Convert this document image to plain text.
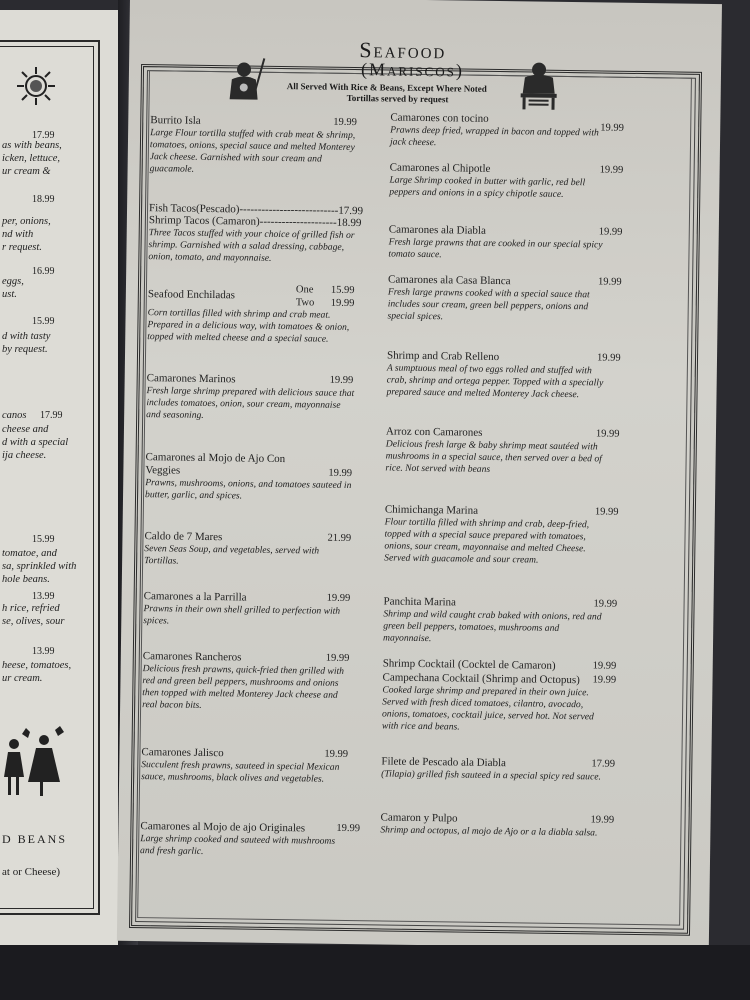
17.99
as with beans,
icken, lettuce,
ur cream &
18.99
per, onions,
nd with
r request.
16.99
eggs,
ust.
15.99
d with tasty
by request.
canos 17.99
cheese and
d with a special
ija cheese.
15.99
tomatoe, and
sa, sprinkled with
hole beans.
13.99
h rice, refried
se, olives, sour
13.99
heese, tomatoes,
ur cream.
D BEANS
at or Cheese)
Seafood
(Mariscos)
All Served With Rice & Beans, Except Where Noted
Tortillas served by request
Burrito Isla	19.99
Large Flour tortilla stuffed with crab meat & shrimp, tomatoes, onions, special sauce and melted Monterey Jack cheese. Garnished with sour cream and guacamole.
Fish Tacos(Pescado)---------------------------17.99
Shrimp Tacos (Camaron)---------------------18.99
Three Tacos stuffed with your choice of grilled fish or shrimp. Garnished with a salad dressing, cabbage, onion, tomato, and mayonnaise.
Seafood Enchiladas
Corn tortillas filled with shrimp and crab meat. Prepared in a delicious way, with tomatoes & onion, topped with melted cheese and a special sauce.
One 15.99
Two 19.99
Camarones Marinos	19.99
Fresh large shrimp prepared with delicious sauce that includes tomatoes, onion, sour cream, mayonnaise and seasoning.
Camarones al Mojo de Ajo Con Veggies	19.99
Prawns, mushrooms, onions, and tomatoes sauteed in butter, garlic, and spices.
Caldo de 7 Mares	21.99
Seven Seas Soup, and vegetables, served with Tortillas.
Camarones a la Parrilla	19.99
Prawns in their own shell grilled to perfection with spices.
Camarones Rancheros	19.99
Delicious fresh prawns, quick-fried then grilled with red and green bell peppers, mushrooms and onions then topped with melted Monterey Jack cheese and real bacon bits.
Camarones Jalisco	19.99
Succulent fresh prawns, sauteed in special Mexican sauce, mushrooms, black olives and vegetables.
Camarones al Mojo de ajo Originales	19.99
Large shrimp cooked and sauteed with mushrooms and fresh garlic.
Camarones con tocino
19.99
Prawns deep fried, wrapped in bacon and topped with jack cheese.
Camarones al Chipotle	19.99
Large Shrimp cooked in butter with garlic, red bell peppers and onions in a spicy chipotle sauce.
Camarones ala Diabla	19.99
Fresh large prawns that are cooked in our special spicy tomato sauce.
Camarones ala Casa Blanca	19.99
Fresh large prawns cooked with a special sauce that includes sour cream, green bell peppers, onions and special spices.
Shrimp and Crab Relleno	19.99
A sumptuous meal of two eggs rolled and stuffed with crab, shrimp and ortega pepper. Topped with a specially prepared sauce and melted Monterey Jack cheese.
Arroz con Camarones	19.99
Delicious fresh large & baby shrimp meat sautéed with mushrooms in a special sauce, then served over a bed of rice. Not served with beans
Chimichanga Marina	19.99
Flour tortilla filled with shrimp and crab, deep-fried, topped with a special sauce prepared with tomatoes, onions, sour cream, mayonnaise and melted Cheese. Served with guacamole and sour cream.
Panchita Marina	19.99
Shrimp and wild caught crab baked with onions, red and green bell peppers, tomatoes, mushrooms and mayonnaise.
Shrimp Cocktail (Cocktel de Camaron)	19.99
Campechana Cocktail (Shrimp and Octopus)	19.99
Cooked large shrimp and prepared in their own juice. Served with fresh diced tomatoes, cilantro, avocado, onions, tomatoes, cocktail juice, served hot. Not served with rice and beans.
Filete de Pescado ala Diabla	17.99
(Tilapia) grilled fish sauteed in a special spicy red sauce.
Camaron y Pulpo	19.99
Shrimp and octopus, al mojo de Ajo or a la diabla salsa.
